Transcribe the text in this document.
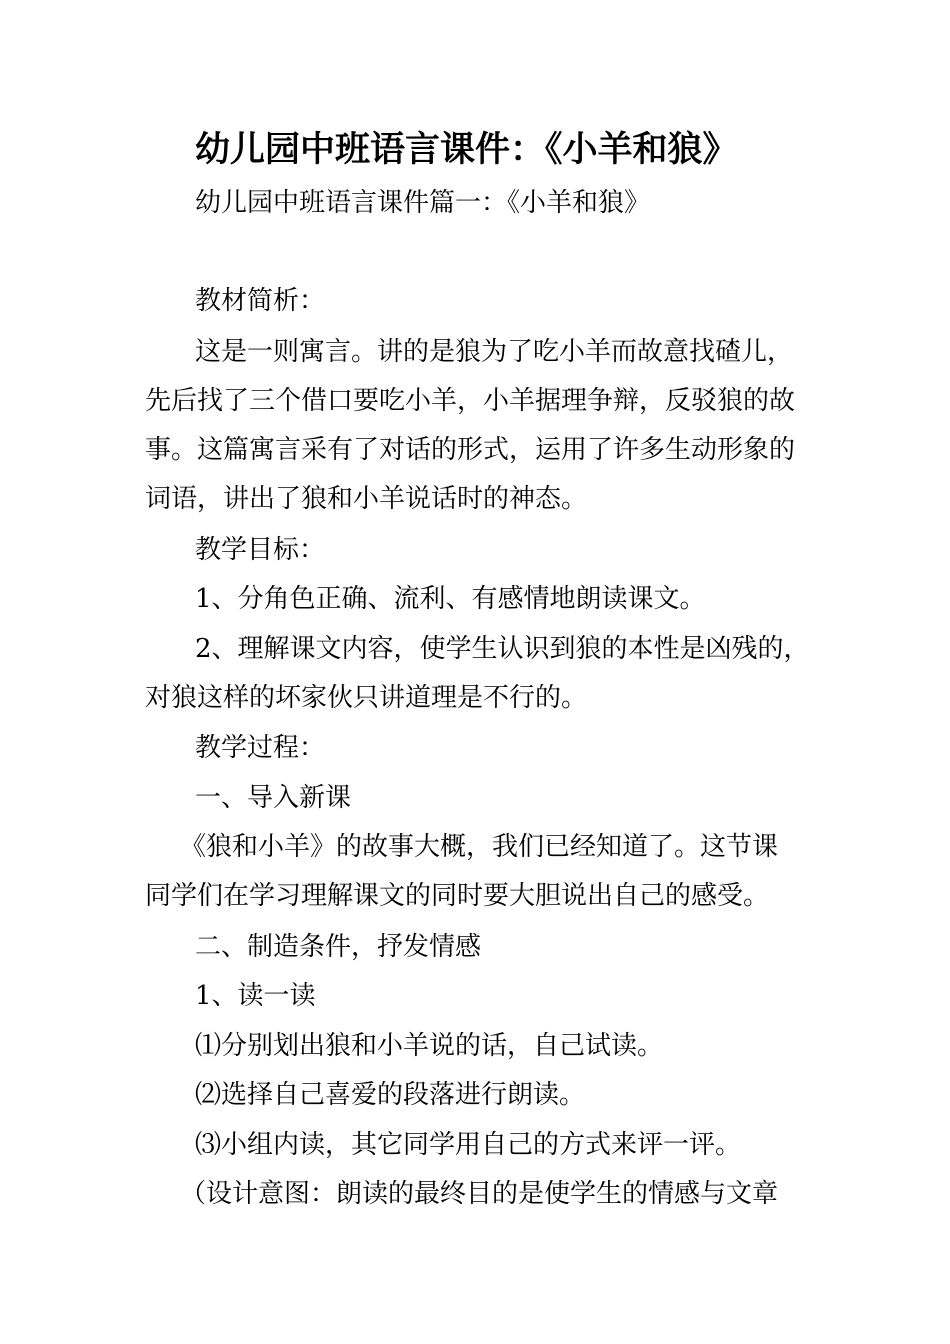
幼儿园中班语言课件：《小羊和狼》
幼儿园中班语言课件篇一：《小羊和狼》
教材简析：
这是一则寓言。讲的是狼为了吃小羊而故意找碴儿，
先后找了三个借口要吃小羊，小羊据理争辩，反驳狼的故
事。这篇寓言采有了对话的形式，运用了许多生动形象的
词语，讲出了狼和小羊说话时的神态。
教学目标：
1、分角色正确、流利、有感情地朗读课文。
2、理解课文内容，使学生认识到狼的本性是凶残的，
对狼这样的坏家伙只讲道理是不行的。
教学过程：
一、导入新课
《狼和小羊》的故事大概，我们已经知道了。这节课
同学们在学习理解课文的同时要大胆说出自己的感受。
二、制造条件，抒发情感
1、读一读
⑴分别划出狼和小羊说的话，自己试读。
⑵选择自己喜爱的段落进行朗读。
⑶小组内读，其它同学用自己的方式来评一评。
（设计意图：朗读的最终目的是使学生的情感与文章
